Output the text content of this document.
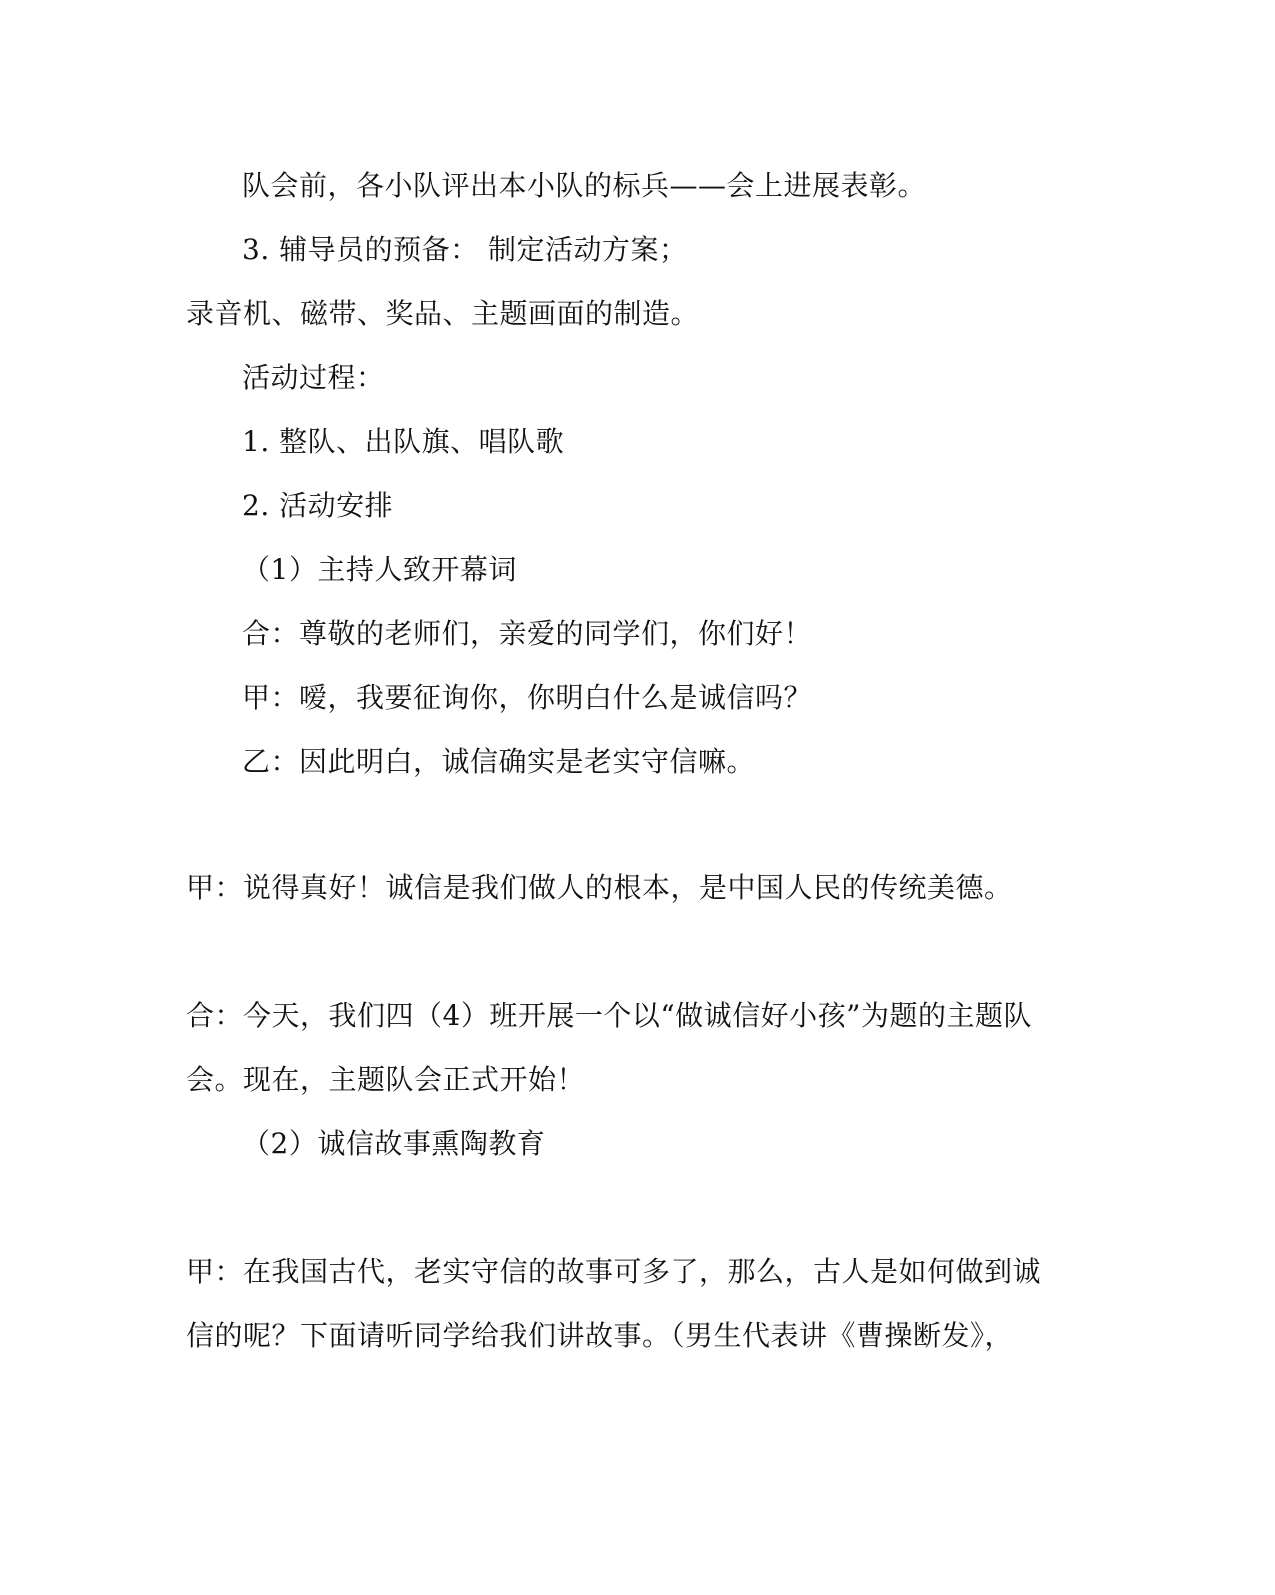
队会前，各小队评出本小队的标兵——会上进展表彰。
3. 辅导员的预备： 制定活动方案；
录音机、磁带、奖品、主题画面的制造。
活动过程：
1. 整队、出队旗、唱队歌
2. 活动安排
（1）主持人致开幕词
合：尊敬的老师们，亲爱的同学们，你们好！
甲：嗳，我要征询你，你明白什么是诚信吗？
乙：因此明白，诚信确实是老实守信嘛。
甲：说得真好！诚信是我们做人的根本，是中国人民的传统美德。
合：今天，我们四（4）班开展一个以“做诚信好小孩”为题的主题队
会。现在，主题队会正式开始！
（2）诚信故事熏陶教育
甲：在我国古代，老实守信的故事可多了，那么，古人是如何做到诚
信的呢？下面请听同学给我们讲故事。（男生代表讲《曹操断发》，
